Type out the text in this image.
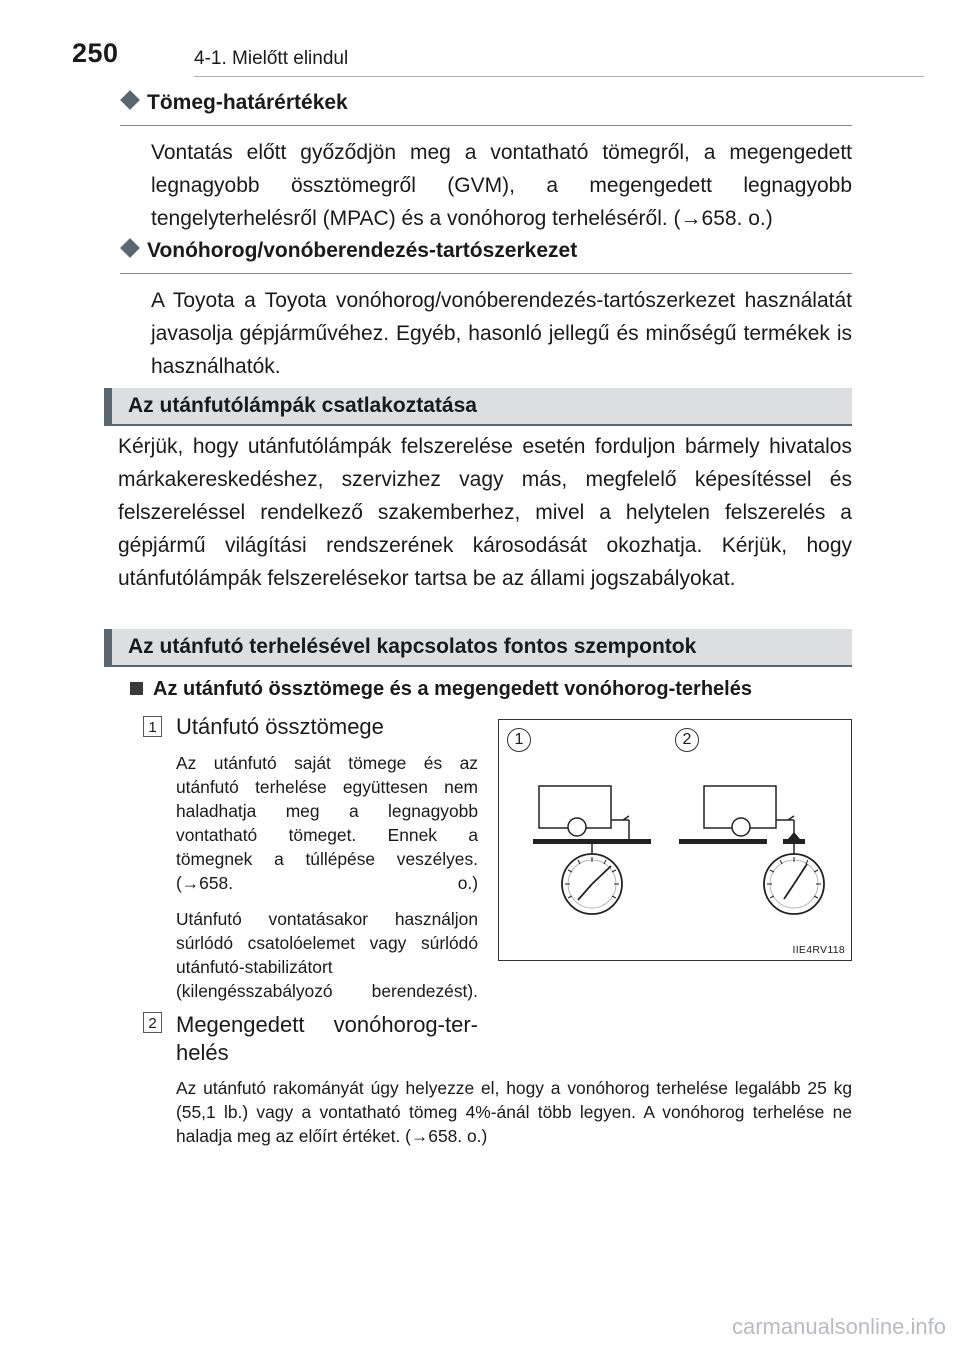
250	4-1. Mielőtt elindul
Tömeg-határértékek
Vontatás előtt győződjön meg a vontatható tömegről, a megengedett legnagyobb össztömegről (GVM), a megengedett legnagyobb tengelyterhelésről (MPAC) és a vonóhorog terheléséről. (→658. o.)
Vonóhorog/vonóberendezés-tartószerkezet
A Toyota a Toyota vonóhorog/vonóberendezés-tartószerkezet használatát javasolja gépjárművéhez. Egyéb, hasonló jellegű és minőségű termékek is használhatók.
Az utánfutólámpák csatlakoztatása
Kérjük, hogy utánfutólámpák felszerelése esetén forduljon bármely hivatalos márkakereskedéshez, szervizhez vagy más, megfelelő képesítéssel és felszereléssel rendelkező szakemberhez, mivel a helytelen felszerelés a gépjármű világítási rendszerének károsodását okozhatja. Kérjük, hogy utánfutólámpák felszerelésekor tartsa be az állami jogszabályokat.
Az utánfutó terhelésével kapcsolatos fontos szempontok
Az utánfutó össztömege és a megengedett vonóhorog-terhelés
1 Utánfutó össztömege
Az utánfutó saját tömege és az utánfutó terhelése együttesen nem haladhatja meg a legnagyobb vontatható tömeget. Ennek a tömegnek a túllépése veszélyes. (→658. o.)
Utánfutó vontatásakor használjon súrlódó csatolóelemet vagy súrlódó utánfutó-stabilizátort (kilengésszabályozó berendezést).
2 Megengedett vonóhorog-ter-
helés
Az utánfutó rakományát úgy helyezze el, hogy a vonóhorog terhelése legalább 25 kg (55,1 lb.) vagy a vontatható tömeg 4%-ánál több legyen. A vonóhorog terhelése ne haladja meg az előírt értéket. (→658. o.)
1	2
IIE4RV118
carmanualsonline.info
